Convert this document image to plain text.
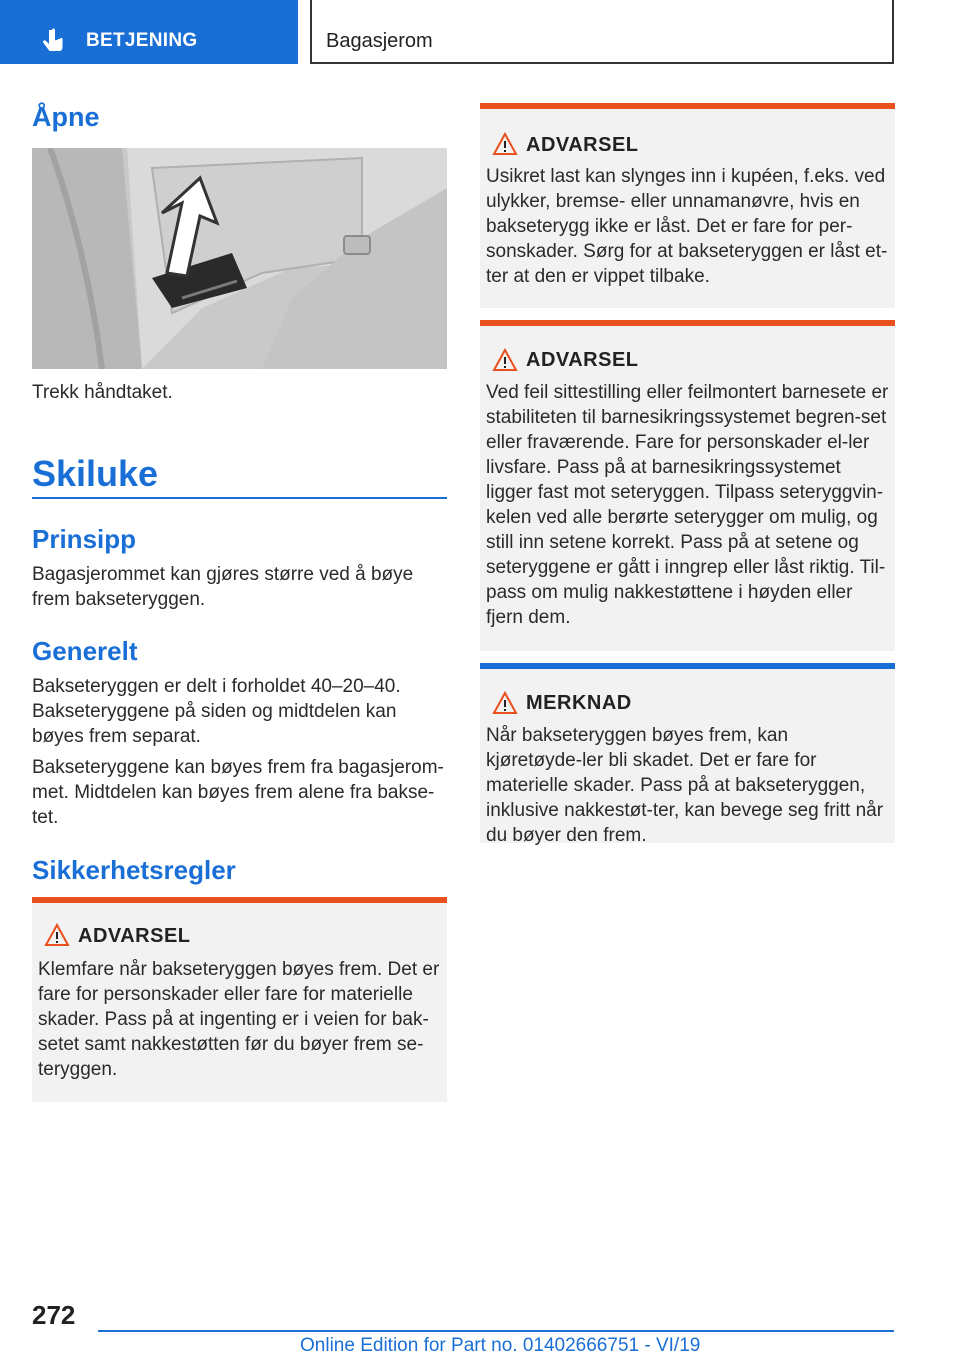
BETJENING	Bagasjerom
Åpne

Trekk håndtaket.

Skiluke
Prinsipp

Bagasjerommet kan gjøres større ved å bøye frem bakseteryggen.

Generelt

Bakseteryggen er delt i forholdet 40–20–40. Bakseteryggene på siden og midtdelen kan bøyes frem separat.

Bakseteryggene kan bøyes frem fra bagasjerom-met. Midtdelen kan bøyes frem alene fra bakse-tet.

Sikkerhetsregler
ADVARSEL

Klemfare når bakseteryggen bøyes frem. Det er fare for personskader eller fare for materielle skader. Pass på at ingenting er i veien for bak-setet samt nakkestøtten før du bøyer frem se-teryggen.

ADVARSEL

Usikret last kan slynges inn i kupéen, f.eks. ved ulykker, bremse- eller unnamanøvre, hvis en bakseterygg ikke er låst. Det er fare for per-sonskader. Sørg for at bakseteryggen er låst et-ter at den er vippet tilbake.

ADVARSEL

Ved feil sittestilling eller feilmontert barnesete er stabiliteten til barnesikringssystemet begren-set eller fraværende. Fare for personskader el-ler livsfare. Pass på at barnesikringssystemet ligger fast mot seteryggen. Tilpass seteryggvin-kelen ved alle berørte seterygger om mulig, og still inn setene korrekt. Pass på at setene og seteryggene er gått i inngrep eller låst riktig. Til-pass om mulig nakkestøttene i høyden eller fjern dem.

MERKNAD

Når bakseteryggen bøyes frem, kan kjøretøyde-ler bli skadet. Det er fare for materielle skader. Pass på at bakseteryggen, inklusive nakkestøt-ter, kan bevege seg fritt når du bøyer den frem.

272
Online Edition for Part no. 01402666751 - VI/19
